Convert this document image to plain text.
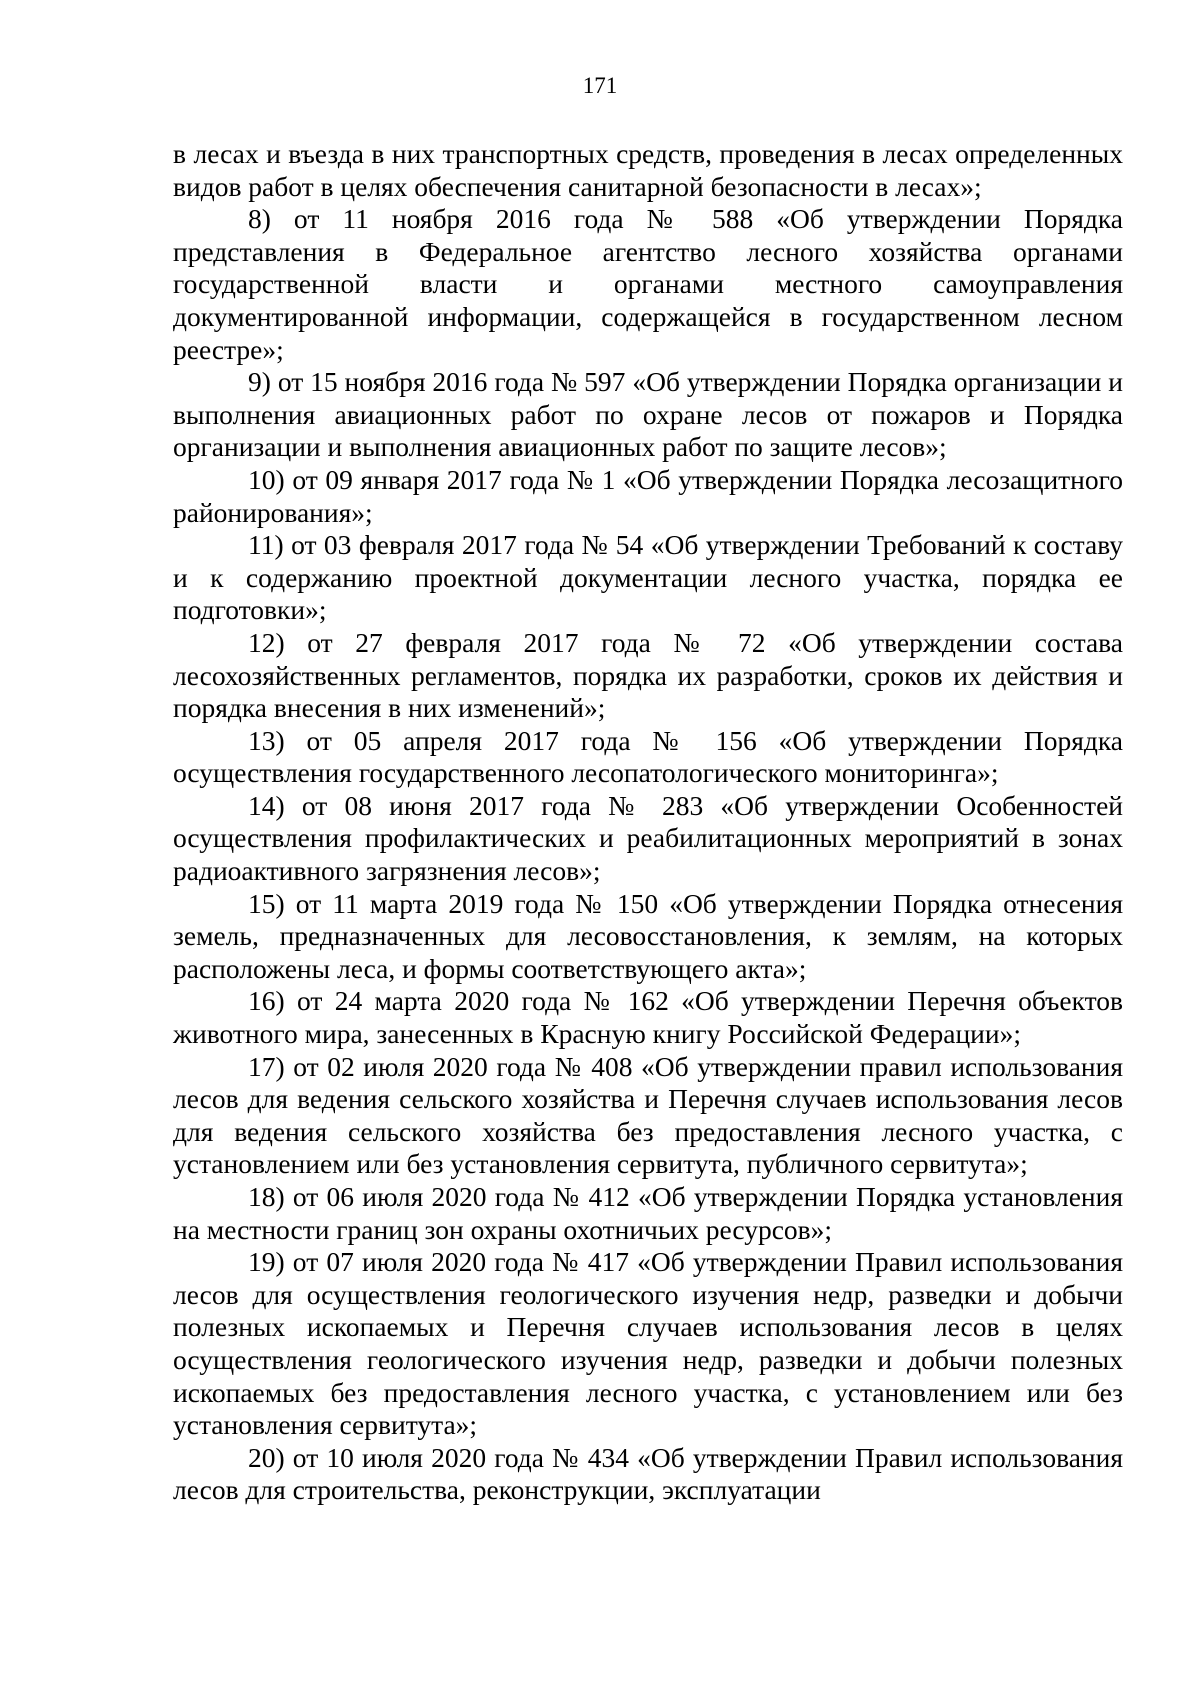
171

в лесах и въезда в них транспортных средств, проведения в лесах определенных видов работ в целях обеспечения санитарной безопасности в лесах»;

8) от 11 ноября 2016 года № 588 «Об утверждении Порядка представления в Федеральное агентство лесного хозяйства органами государственной власти и органами местного самоуправления документированной информации, содержащейся в государственном лесном реестре»;

9) от 15 ноября 2016 года № 597 «Об утверждении Порядка организации и выполнения авиационных работ по охране лесов от пожаров и Порядка организации и выполнения авиационных работ по защите лесов»;

10) от 09 января 2017 года № 1 «Об утверждении Порядка лесозащитного районирования»;

11) от 03 февраля 2017 года № 54 «Об утверждении Требований к составу и к содержанию проектной документации лесного участка, порядка ее подготовки»;

12) от 27 февраля 2017 года № 72 «Об утверждении состава лесохозяйственных регламентов, порядка их разработки, сроков их действия и порядка внесения в них изменений»;

13) от 05 апреля 2017 года № 156 «Об утверждении Порядка осуществления государственного лесопатологического мониторинга»;

14) от 08 июня 2017 года № 283 «Об утверждении Особенностей осуществления профилактических и реабилитационных мероприятий в зонах радиоактивного загрязнения лесов»;

15) от 11 марта 2019 года № 150 «Об утверждении Порядка отнесения земель, предназначенных для лесовосстановления, к землям, на которых расположены леса, и формы соответствующего акта»;

16) от 24 марта 2020 года № 162 «Об утверждении Перечня объектов животного мира, занесенных в Красную книгу Российской Федерации»;

17) от 02 июля 2020 года № 408 «Об утверждении правил использования лесов для ведения сельского хозяйства и Перечня случаев использования лесов для ведения сельского хозяйства без предоставления лесного участка, с установлением или без установления сервитута, публичного сервитута»;

18) от 06 июля 2020 года № 412 «Об утверждении Порядка установления на местности границ зон охраны охотничьих ресурсов»;

19) от 07 июля 2020 года № 417 «Об утверждении Правил использования лесов для осуществления геологического изучения недр, разведки и добычи полезных ископаемых и Перечня случаев использования лесов в целях осуществления геологического изучения недр, разведки и добычи полезных ископаемых без предоставления лесного участка, с установлением или без установления сервитута»;

20) от 10 июля 2020 года № 434 «Об утверждении Правил использования лесов для строительства, реконструкции, эксплуатации
